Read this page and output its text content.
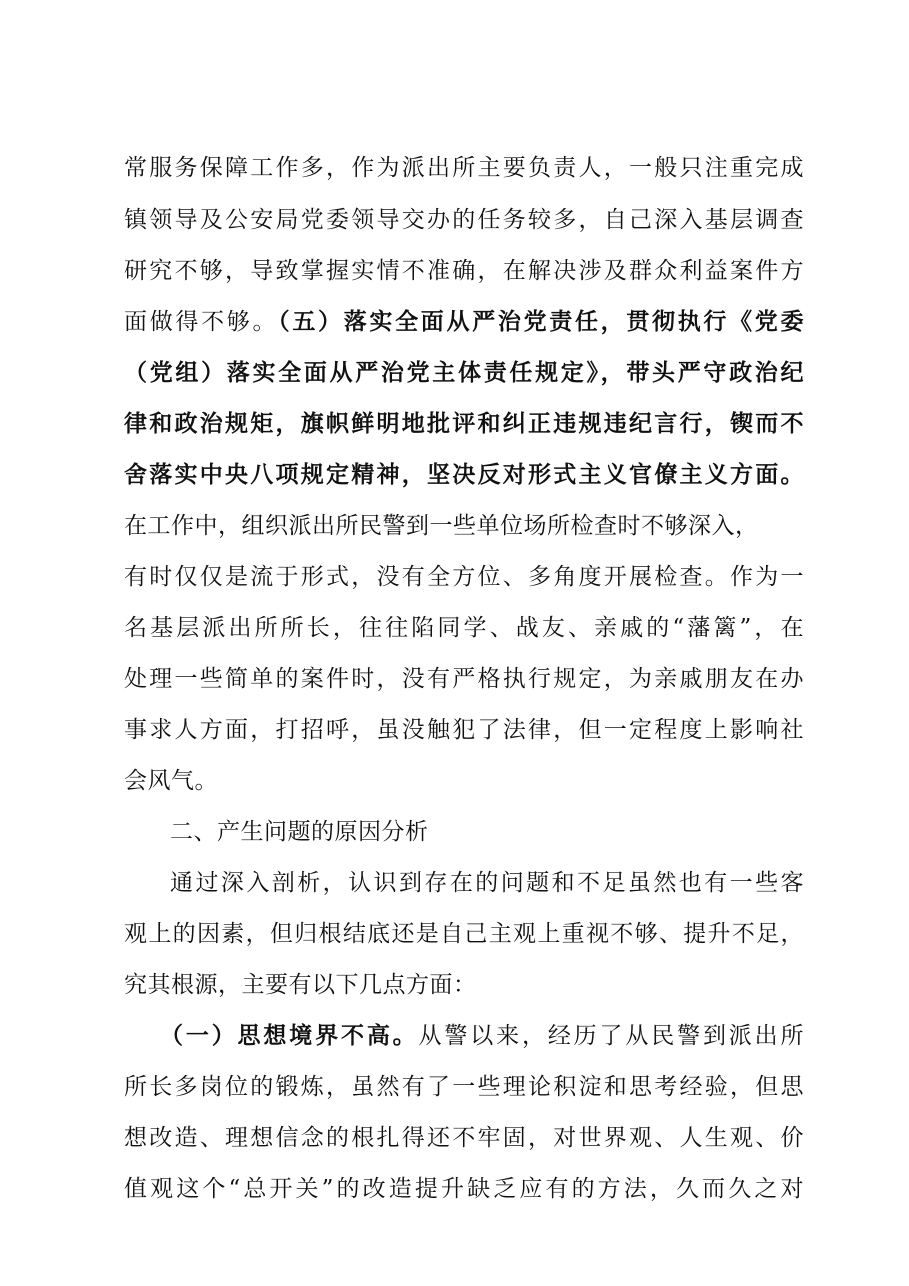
常服务保障工作多，作为派出所主要负责人，一般只注重完成
镇领导及公安局党委领导交办的任务较多，自己深入基层调查
研究不够，导致掌握实情不准确，在解决涉及群众利益案件方
面做得不够。（五）落实全面从严治党责任，贯彻执行《党委
（党组）落实全面从严治党主体责任规定》，带头严守政治纪
律和政治规矩，旗帜鲜明地批评和纠正违规违纪言行，锲而不
舍落实中央八项规定精神，坚决反对形式主义官僚主义方面。
在工作中，组织派出所民警到一些单位场所检查时不够深入，
有时仅仅是流于形式，没有全方位、多角度开展检查。作为一
名基层派出所所长，往往陷同学、战友、亲戚的“藩篱”，在
处理一些简单的案件时，没有严格执行规定，为亲戚朋友在办
事求人方面，打招呼，虽没触犯了法律，但一定程度上影响社
会风气。
二、产生问题的原因分析
通过深入剖析，认识到存在的问题和不足虽然也有一些客
观上的因素，但归根结底还是自己主观上重视不够、提升不足，
究其根源，主要有以下几点方面：
（一）思想境界不高。从警以来，经历了从民警到派出所
所长多岗位的锻炼，虽然有了一些理论积淀和思考经验，但思
想改造、理想信念的根扎得还不牢固，对世界观、人生观、价
值观这个“总开关”的改造提升缺乏应有的方法，久而久之对
